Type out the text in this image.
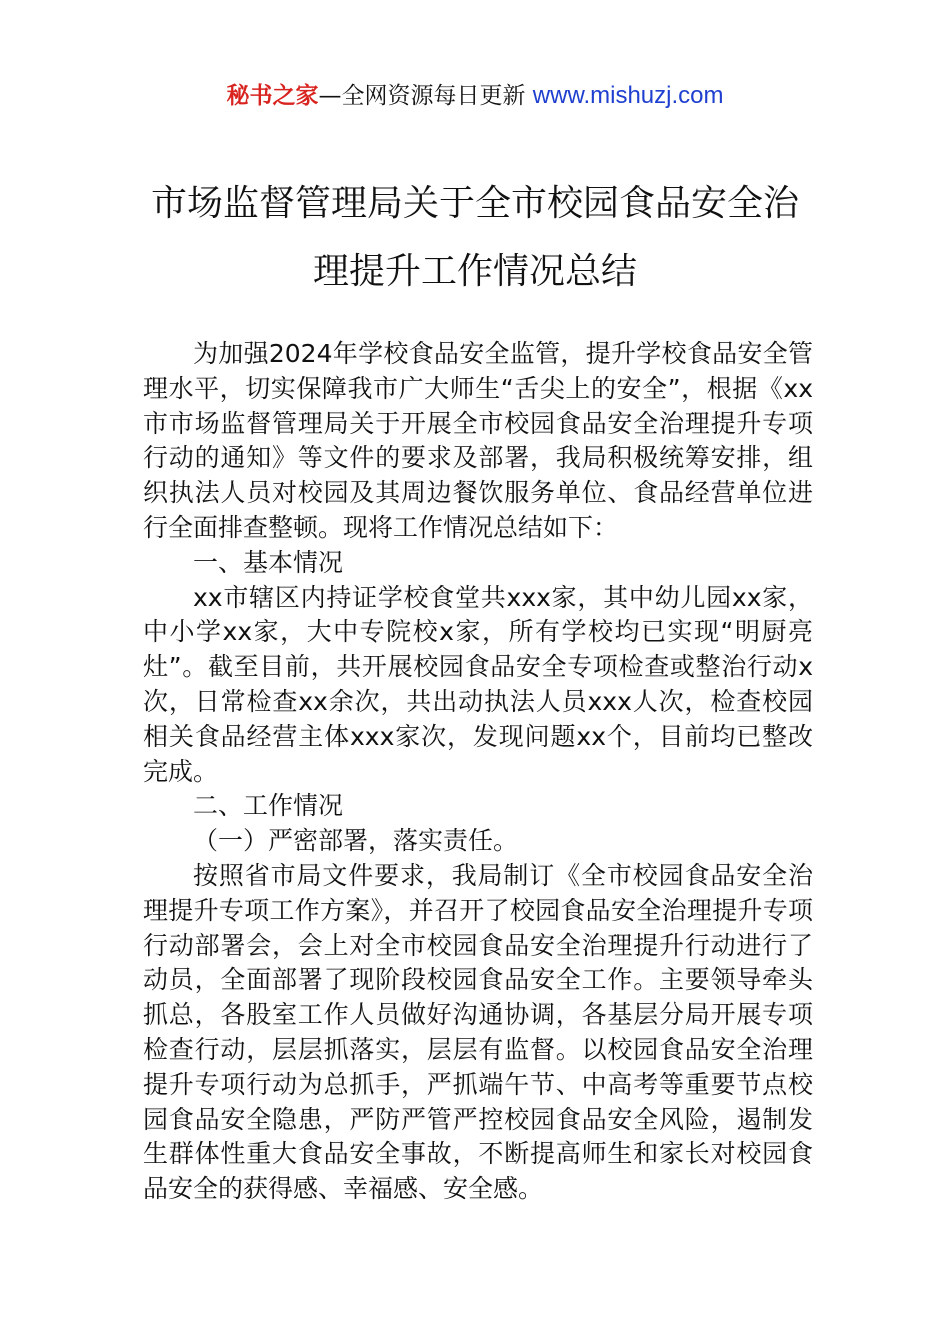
秘书之家—全网资源每日更新 www.mishuzj.com
市场监督管理局关于全市校园食品安全治
理提升工作情况总结

为加强2024年学校食品安全监管，提升学校食品安全管理水平，切实保障我市广大师生“舌尖上的安全”，根据《xx市市场监督管理局关于开展全市校园食品安全治理提升专项行动的通知》等文件的要求及部署，我局积极统筹安排，组织执法人员对校园及其周边餐饮服务单位、食品经营单位进行全面排查整顿。现将工作情况总结如下：

一、基本情况

xx市辖区内持证学校食堂共xxx家，其中幼儿园xx家，中小学xx家，大中专院校x家，所有学校均已实现“明厨亮灶”。截至目前，共开展校园食品安全专项检查或整治行动x次，日常检查xx余次，共出动执法人员xxx人次，检查校园相关食品经营主体xxx家次，发现问题xx个，目前均已整改完成。

二、工作情况

（一）严密部署，落实责任。

按照省市局文件要求，我局制订《全市校园食品安全治理提升专项工作方案》，并召开了校园食品安全治理提升专项行动部署会，会上对全市校园食品安全治理提升行动进行了动员，全面部署了现阶段校园食品安全工作。主要领导牵头抓总，各股室工作人员做好沟通协调，各基层分局开展专项检查行动，层层抓落实，层层有监督。以校园食品安全治理提升专项行动为总抓手，严抓端午节、中高考等重要节点校园食品安全隐患，严防严管严控校园食品安全风险，遏制发生群体性重大食品安全事故，不断提高师生和家长对校园食品安全的获得感、幸福感、安全感。
